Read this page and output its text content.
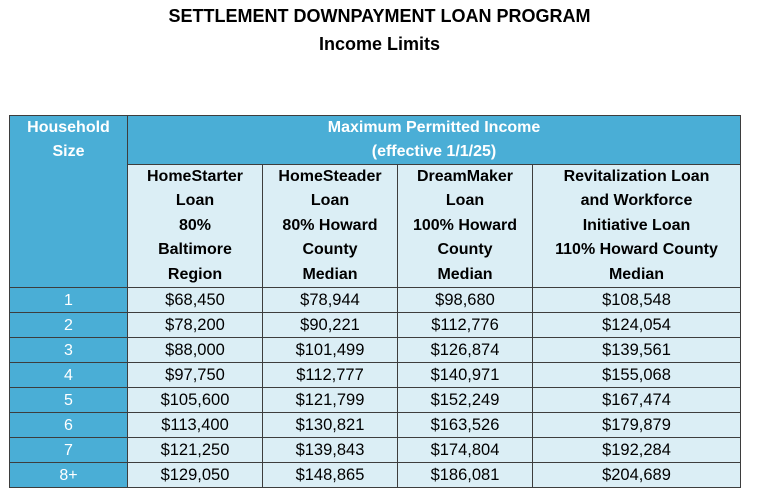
SETTLEMENT DOWNPAYMENT LOAN PROGRAM
Income Limits
Household
Size	Maximum Permitted Income
(effective 1/1/25)			

	HomeStarter
Loan
80%
Baltimore
Region	HomeSteader
Loan
80% Howard
County
Median	DreamMaker
Loan
100% Howard
County
Median	Revitalization Loan
and Workforce
Initiative Loan
110% Howard County
Median

1	$68,450	$78,944	$98,680	$108,548
2	$78,200	$90,221	$112,776	$124,054
3	$88,000	$101,499	$126,874	$139,561
4	$97,750	$112,777	$140,971	$155,068
5	$105,600	$121,799	$152,249	$167,474
6	$113,400	$130,821	$163,526	$179,879
7	$121,250	$139,843	$174,804	$192,284
8+	$129,050	$148,865	$186,081	$204,689
